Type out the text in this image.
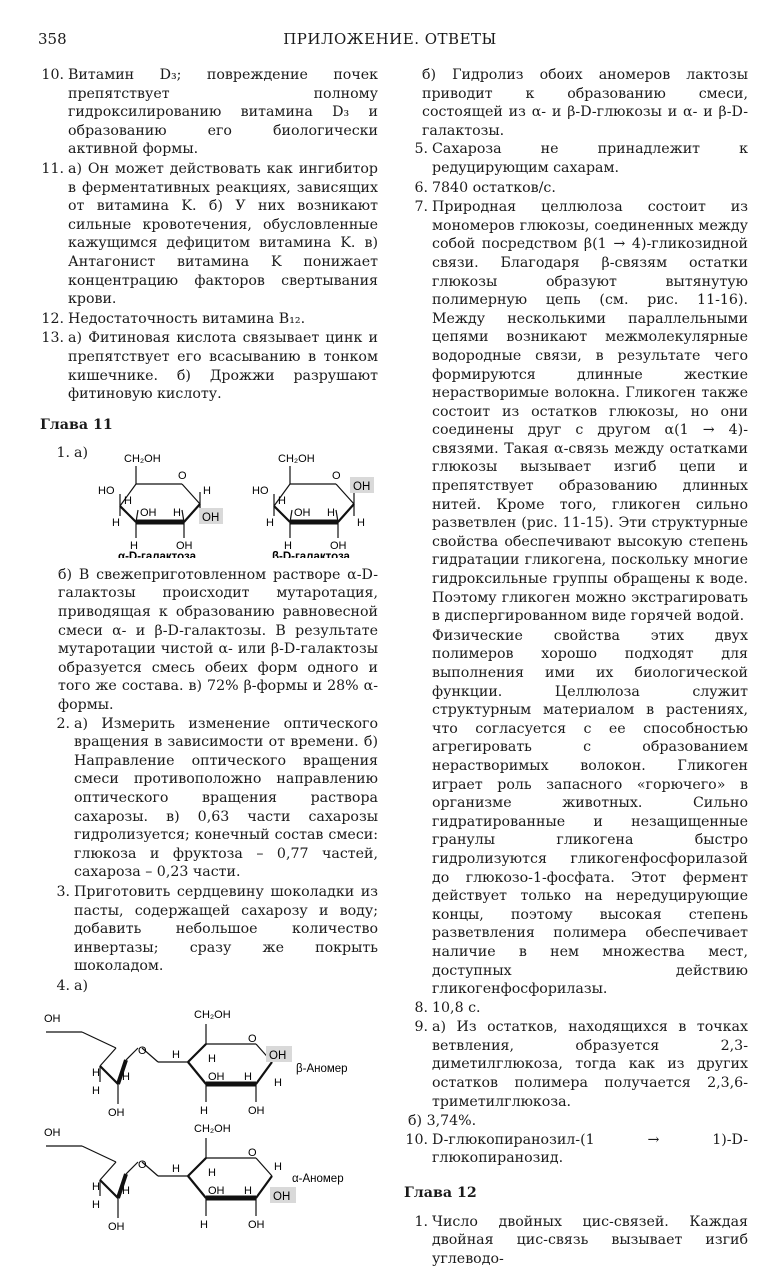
358	ПРИЛОЖЕНИЕ. ОТВЕТЫ
10. Витамин D₃; повреждение почек препятствует полному гидроксилированию витамина D₃ и образованию его биологически активной формы.
11. а) Он может действовать как ингибитор в ферментативных реакциях, зависящих от витамина K. б) У них возникают сильные кровотечения, обусловленные кажущимся дефицитом витамина K. в) Антагонист витамина K понижает концентрацию факторов свертывания крови.
12. Недостаточность витамина B₁₂.
13. а) Фитиновая кислота связывает цинк и препятствует его всасыванию в тонком кишечнике. б) Дрожжи разрушают фитиновую кислоту.
Глава 11
1. а)	CH₂OH
O
HO
H
H
H
OH H OH
H	OH
α-D-галактоза
CH₂OH
O
HO
H
OH
H
OH H
H
H	OH
β-D-галактоза
б) В свежеприготовленном растворе α-D-галактозы происходит мутаротация, приводящая к образованию равновесной смеси α- и β-D-галактозы. В результате мутаротации чистой α- или β-D-галактозы образуется смесь обеих форм одного и того же состава. в) 72% β-формы и 28% α-формы.
2. а) Измерить изменение оптического вращения в зависимости от времени. б) Направление оптического вращения смеси противоположно направлению оптического вращения раствора сахарозы. в) 0,63 части сахарозы гидролизуется; конечный состав смеси: глюкоза и фруктоза – 0,77 частей, сахароза – 0,23 части.
3. Приготовить сердцевину шоколадки из пасты, содержащей сахарозу и воду; добавить небольшое количество инвертазы; сразу же покрыть шоколадом.
4. а)
OH	CH₂OH
O
O H	OH
β-Аномер
H
H H	OH H H
H
OH	H	OH
OH	CH₂OH
O
O H	H
α-Аномер
H
H H	OH H OH
H
OH	H	OH
б) Гидролиз обоих аномеров лактозы приводит к образованию смеси, состоящей из α- и β-D-глюкозы и α- и β-D-галактозы.
5. Сахароза не принадлежит к редуцирующим сахарам.
6. 7840 остатков/с.
7. Природная целлюлоза состоит из мономеров глюкозы, соединенных между собой посредством β(1 → 4)-гликозидной связи. Благодаря β-связям остатки глюкозы образуют вытянутую полимерную цепь (см. рис. 11-16). Между несколькими параллельными цепями возникают межмолекулярные водородные связи, в результате чего формируются длинные жесткие нерастворимые волокна. Гликоген также состоит из остатков глюкозы, но они соединены друг с другом α(1 → 4)-связями. Такая α-связь между остатками глюкозы вызывает изгиб цепи и препятствует образованию длинных нитей. Кроме того, гликоген сильно разветвлен (рис. 11-15). Эти структурные свойства обеспечивают высокую степень гидратации гликогена, поскольку многие гидроксильные группы обращены к воде. Поэтому гликоген можно экстрагировать в диспергированном виде горячей водой.
Физические свойства этих двух полимеров хорошо подходят для выполнения ими их биологической функции. Целлюлоза служит структурным материалом в растениях, что согласуется с ее способностью агрегировать с образованием нерастворимых волокон. Гликоген играет роль запасного «горючего» в организме животных. Сильно гидратированные и незащищенные гранулы гликогена быстро гидролизуются гликогенфосфорилазой до глюкозо-1-фосфата. Этот фермент действует только на нередуцирующие концы, поэтому высокая степень разветвления полимера обеспечивает наличие в нем множества мест, доступных действию гликогенфосфорилазы.
8. 10,8 с.
9. а) Из остатков, находящихся в точках ветвления, образуется 2,3-диметилглюкоза, тогда как из других остатков полимера получается 2,3,6-триметилглюкоза.
б) 3,74%.
10. D-глюкопиранозил-(1 → 1)-D-глюкопиранозид.
Глава 12
1. Число двойных цис-связей. Каждая двойная цис-связь вызывает изгиб углеводо-
